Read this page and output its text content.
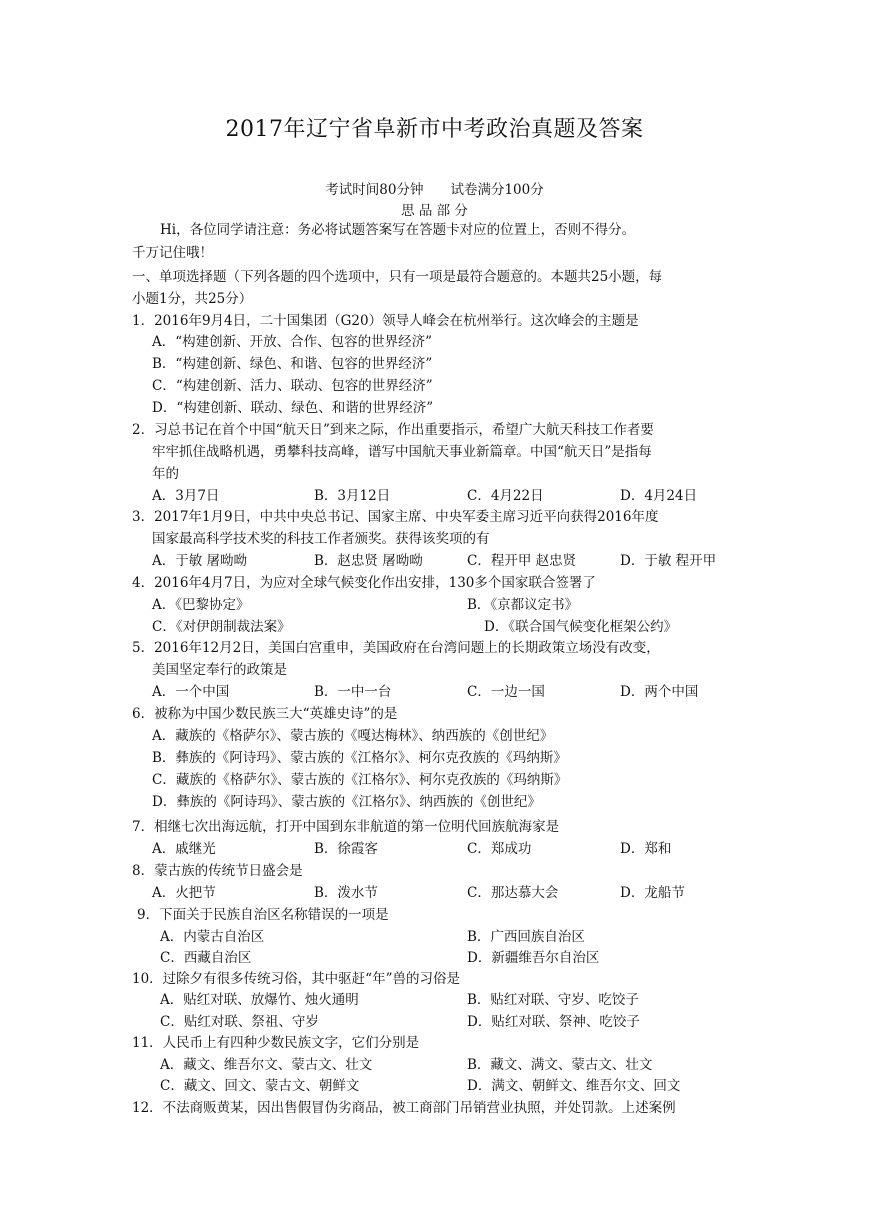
2017年辽宁省阜新市中考政治真题及答案
考试时间80分钟　　试卷满分100分
思 品 部 分
Hi，各位同学请注意：务必将试题答案写在答题卡对应的位置上，否则不得分。
千万记住哦！
一、单项选择题（下列各题的四个选项中，只有一项是最符合题意的。本题共25小题，每
小题1分，共25分）
1．2016年9月4日，二十国集团（G20）领导人峰会在杭州举行。这次峰会的主题是
A．“构建创新、开放、合作、包容的世界经济”
B．“构建创新、绿色、和谐、包容的世界经济”
C．“构建创新、活力、联动、包容的世界经济”
D．“构建创新、联动、绿色、和谐的世界经济”
2．习总书记在首个中国“航天日”到来之际，作出重要指示，希望广大航天科技工作者要
牢牢抓住战略机遇，勇攀科技高峰，谱写中国航天事业新篇章。中国“航天日”是指每
年的
A．3月7日	B．3月12日	C．4月22日	D．4月24日
3．2017年1月9日，中共中央总书记、国家主席、中央军委主席习近平向获得2016年度
国家最高科学技术奖的科技工作者颁奖。获得该奖项的有
A．于敏 屠呦呦	B．赵忠贤 屠呦呦	C．程开甲 赵忠贤	D．于敏 程开甲
4．2016年4月7日，为应对全球气候变化作出安排，130多个国家联合签署了
A．《巴黎协定》	B．《京都议定书》
C．《对伊朗制裁法案》	D．《联合国气候变化框架公约》
5．2016年12月2日，美国白宫重申，美国政府在台湾问题上的长期政策立场没有改变，
美国坚定奉行的政策是
A．一个中国	B．一中一台	C．一边一国	D．两个中国
6．被称为中国少数民族三大“英雄史诗”的是
A．藏族的《格萨尔》、蒙古族的《嘎达梅林》、纳西族的《创世纪》
B．彝族的《阿诗玛》、蒙古族的《江格尔》、柯尔克孜族的《玛纳斯》
C．藏族的《格萨尔》、蒙古族的《江格尔》、柯尔克孜族的《玛纳斯》
D．彝族的《阿诗玛》、蒙古族的《江格尔》、纳西族的《创世纪》
7．相继七次出海远航，打开中国到东非航道的第一位明代回族航海家是
A．戚继光	B．徐霞客	C．郑成功	D．郑和
8．蒙古族的传统节日盛会是
A．火把节	B．泼水节	C．那达慕大会	D．龙船节
9．下面关于民族自治区名称错误的一项是
A．内蒙古自治区	B．广西回族自治区
C．西藏自治区	D．新疆维吾尔自治区
10．过除夕有很多传统习俗，其中驱赶“年”兽的习俗是
A．贴红对联、放爆竹、烛火通明	B．贴红对联、守岁、吃饺子
C．贴红对联、祭祖、守岁	D．贴红对联、祭神、吃饺子
11．人民币上有四种少数民族文字，它们分别是
A．藏文、维吾尔文、蒙古文、壮文	B．藏文、满文、蒙古文、壮文
C．藏文、回文、蒙古文、朝鲜文	D．满文、朝鲜文、维吾尔文、回文
12．不法商贩黄某，因出售假冒伪劣商品，被工商部门吊销营业执照，并处罚款。上述案例
